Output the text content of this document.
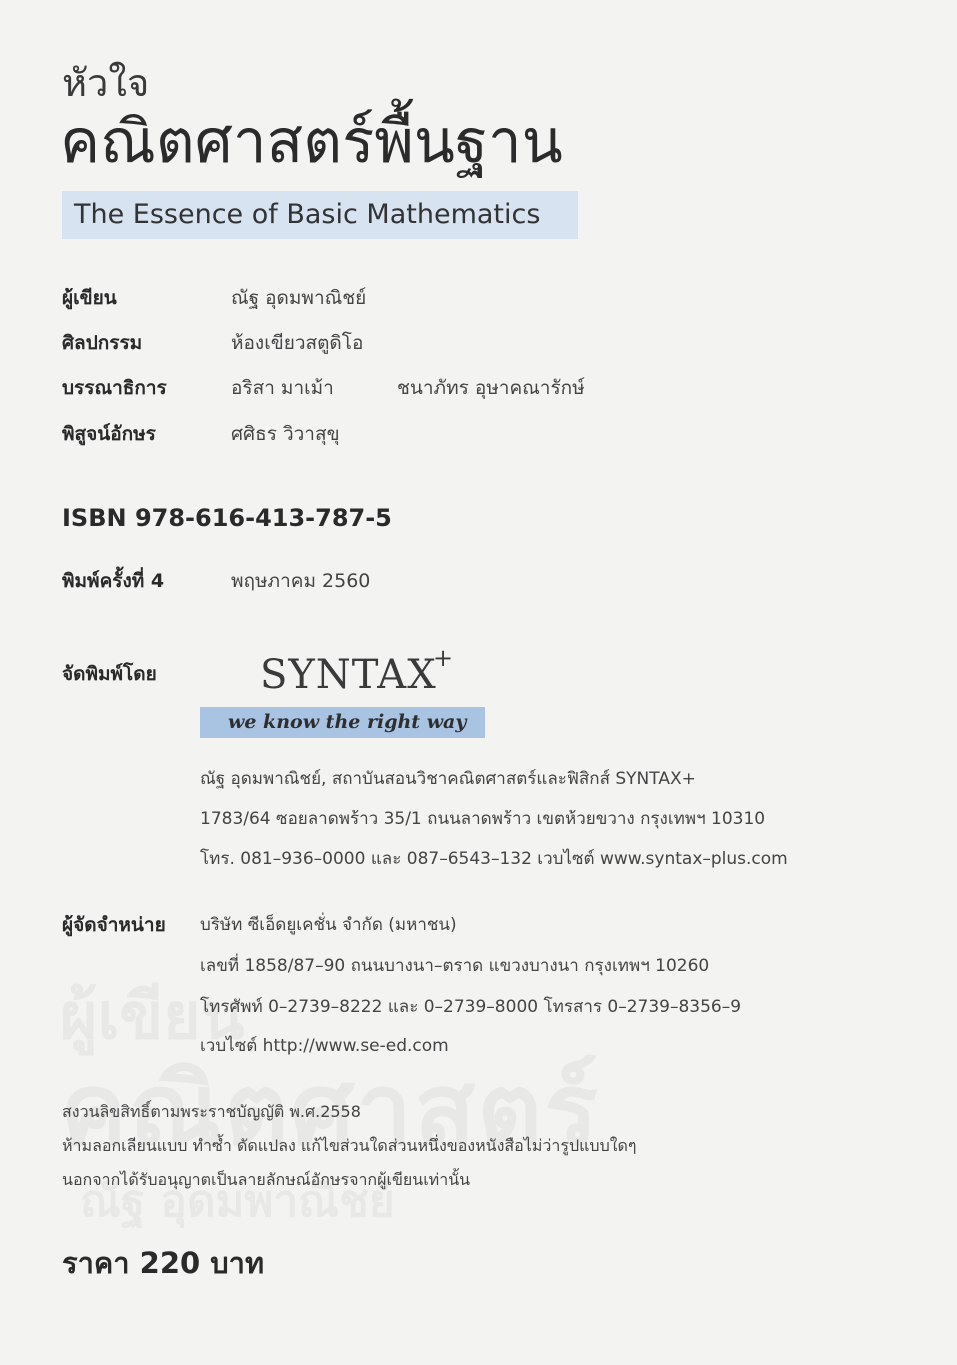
หัวใจ
คณิตศาสตร์พื้นฐาน
The Essence of Basic Mathematics
ผู้เขียน	ณัฐ อุดมพาณิชย์
ศิลปกรรม	ห้องเขียวสตูดิโอ
บรรณาธิการ	อริสา มาเม้า	ชนาภัทร อุษาคณารักษ์
พิสูจน์อักษร	ศศิธร วิวาสุขุ
ISBN 978-616-413-787-5
พิมพ์ครั้งที่ 4	พฤษภาคม 2560
จัดพิมพ์โดย	SYNTAX
+
we know the right way
ณัฐ อุดมพาณิชย์, สถาบันสอนวิชาคณิตศาสตร์และฟิสิกส์ SYNTAX+
1783/64 ซอยลาดพร้าว 35/1 ถนนลาดพร้าว เขตห้วยขวาง กรุงเทพฯ 10310
โทร. 081–936–0000 และ 087–6543–132 เวบไซต์ www.syntax–plus.com
ผู้จัดจำหน่าย บริษัท ซีเอ็ดยูเคชั่น จำกัด (มหาชน)
เลขที่ 1858/87–90 ถนนบางนา–ตราด แขวงบางนา กรุงเทพฯ 10260
โทรศัพท์ 0–2739–8222 และ 0–2739–8000 โทรสาร 0–2739–8356–9
เวบไซต์ http://www.se-ed.com
สงวนลิขสิทธิ์ตามพระราชบัญญัติ พ.ศ.2558
ห้ามลอกเลียนแบบ ทำซ้ำ ดัดแปลง แก้ไขส่วนใดส่วนหนึ่งของหนังสือไม่ว่ารูปแบบใดๆ
นอกจากได้รับอนุญาตเป็นลายลักษณ์อักษรจากผู้เขียนเท่านั้น
ราคา 220 บาท
